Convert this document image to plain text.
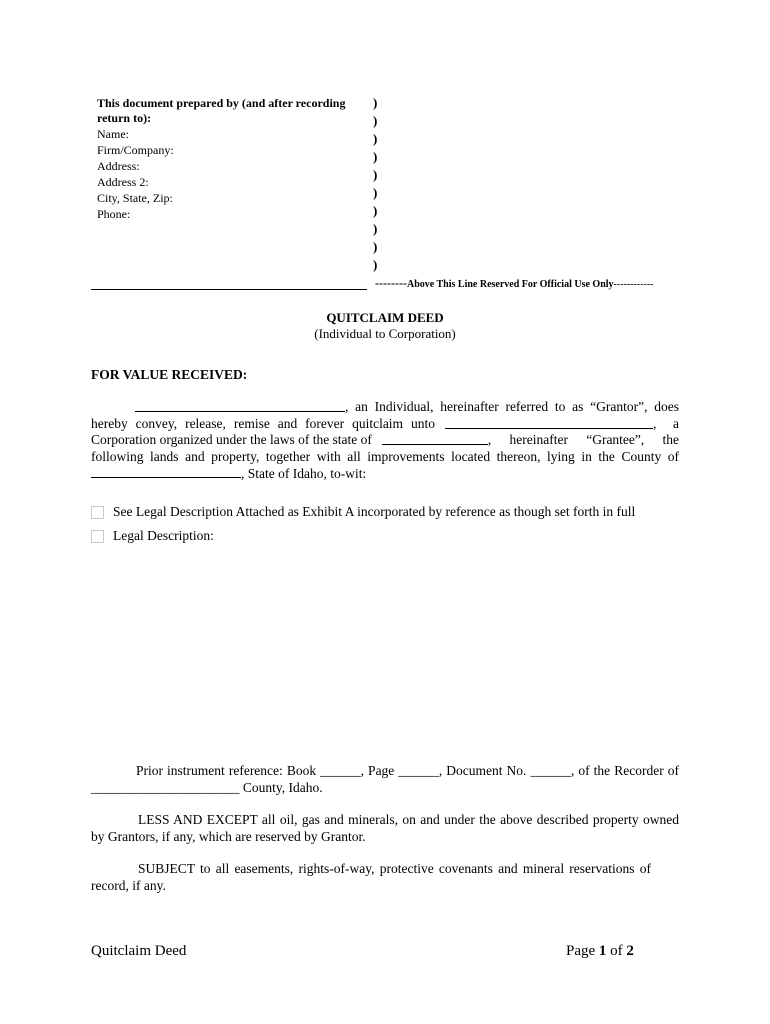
This document prepared by (and after recording
return to):
Name:
Firm/Company:
Address:
Address 2:
City, State, Zip:
Phone:
)
)
)
)
)
)
)
)
)
)
--------Above This Line Reserved For Official Use Only------------
QUITCLAIM DEED
(Individual to Corporation)
FOR VALUE RECEIVED:
, an Individual, hereinafter referred to as “Grantor”, does
hereby convey, release, remise and forever quitclaim unto	, a
Corporation organized under the laws of the state of	, hereinafter “Grantee”, the
following lands and property, together with all improvements located thereon, lying in the County of
, State of Idaho, to-wit:
See Legal Description Attached as Exhibit A incorporated by reference as though set forth in full
Legal Description:
Prior instrument reference: Book ______, Page ______, Document No. ______, of the Recorder of
______________________ County, Idaho.
LESS AND EXCEPT all oil, gas and minerals, on and under the above described property owned
by Grantors, if any, which are reserved by Grantor.
SUBJECT to all easements, rights-of-way, protective covenants and mineral reservations of
record, if any.
Quitclaim Deed	Page 1 of 2
